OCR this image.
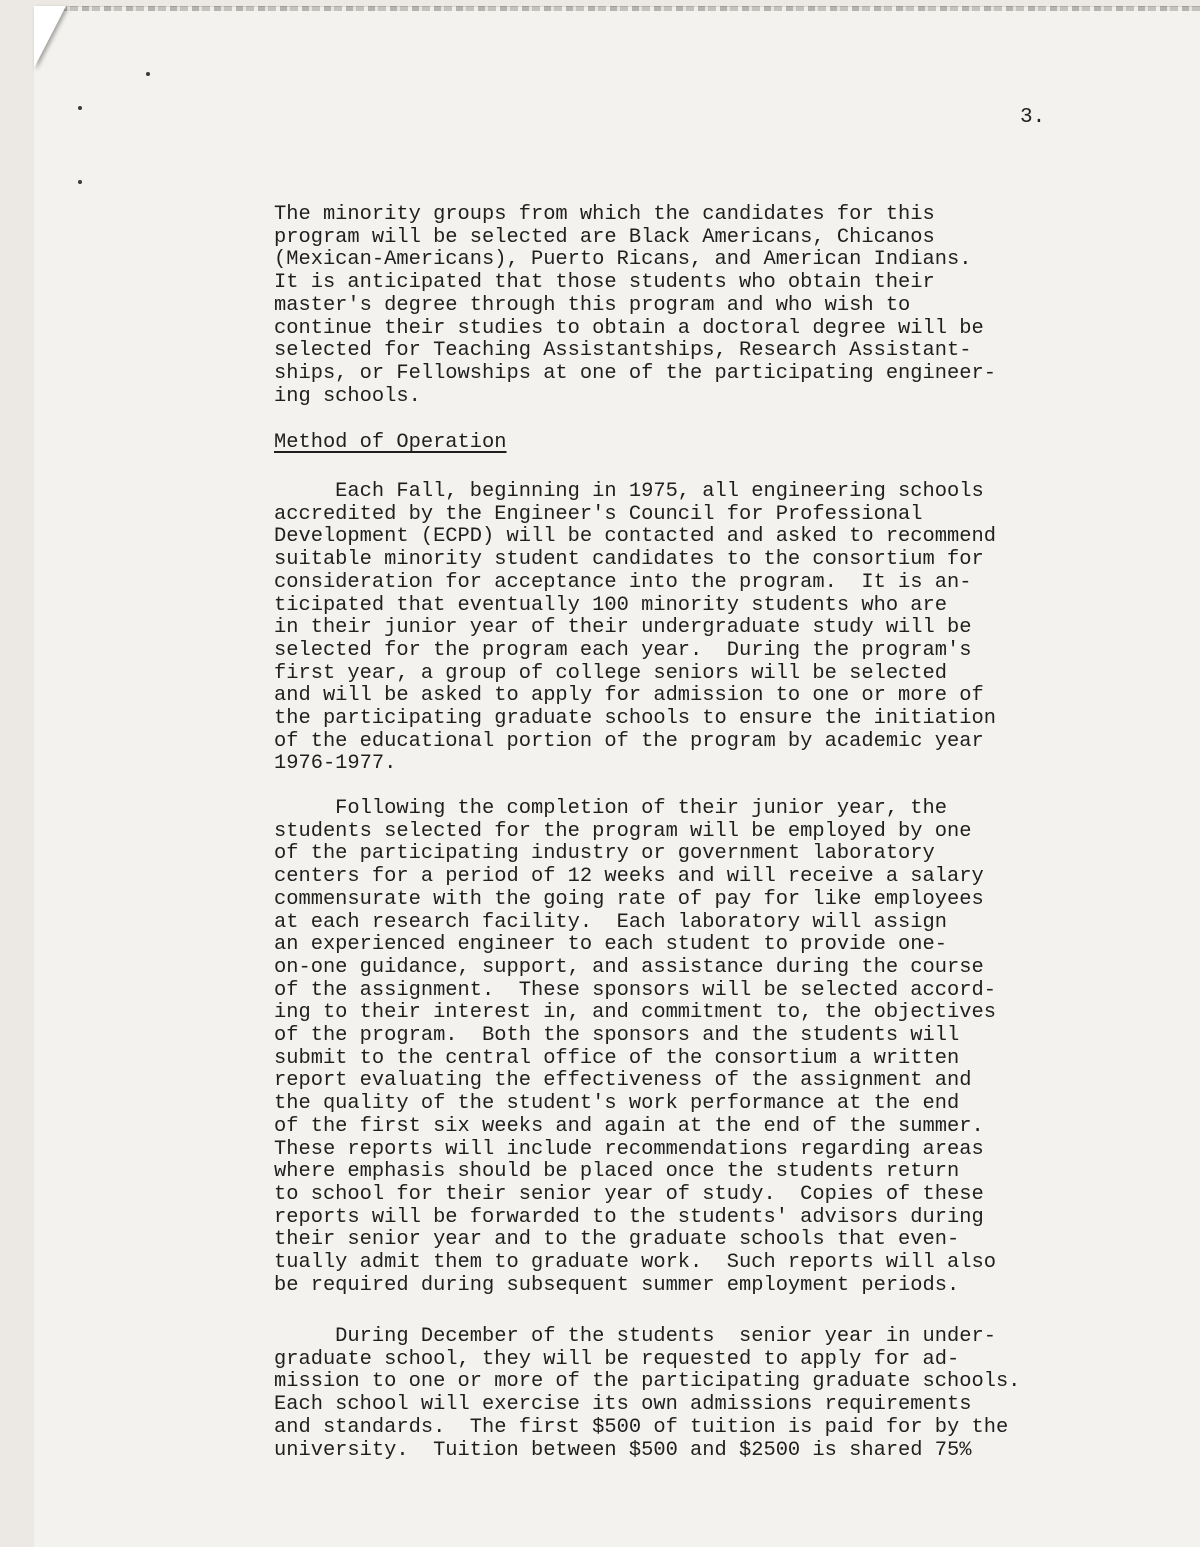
3.
The minority groups from which the candidates for this
program will be selected are Black Americans, Chicanos
(Mexican-Americans), Puerto Ricans, and American Indians.
It is anticipated that those students who obtain their
master's degree through this program and who wish to
continue their studies to obtain a doctoral degree will be
selected for Teaching Assistantships, Research Assistant-
ships, or Fellowships at one of the participating engineer-
ing schools.
Method of Operation
Each Fall, beginning in 1975, all engineering schools
accredited by the Engineer's Council for Professional
Development (ECPD) will be contacted and asked to recommend
suitable minority student candidates to the consortium for
consideration for acceptance into the program.  It is an-
ticipated that eventually 100 minority students who are
in their junior year of their undergraduate study will be
selected for the program each year.  During the program's
first year, a group of college seniors will be selected
and will be asked to apply for admission to one or more of
the participating graduate schools to ensure the initiation
of the educational portion of the program by academic year
1976-1977.
Following the completion of their junior year, the
students selected for the program will be employed by one
of the participating industry or government laboratory
centers for a period of 12 weeks and will receive a salary
commensurate with the going rate of pay for like employees
at each research facility.  Each laboratory will assign
an experienced engineer to each student to provide one-
on-one guidance, support, and assistance during the course
of the assignment.  These sponsors will be selected accord-
ing to their interest in, and commitment to, the objectives
of the program.  Both the sponsors and the students will
submit to the central office of the consortium a written
report evaluating the effectiveness of the assignment and
the quality of the student's work performance at the end
of the first six weeks and again at the end of the summer.
These reports will include recommendations regarding areas
where emphasis should be placed once the students return
to school for their senior year of study.  Copies of these
reports will be forwarded to the students' advisors during
their senior year and to the graduate schools that even-
tually admit them to graduate work.  Such reports will also
be required during subsequent summer employment periods.
During December of the students  senior year in under-
graduate school, they will be requested to apply for ad-
mission to one or more of the participating graduate schools.
Each school will exercise its own admissions requirements
and standards.  The first $500 of tuition is paid for by the
university.  Tuition between $500 and $2500 is shared 75%
